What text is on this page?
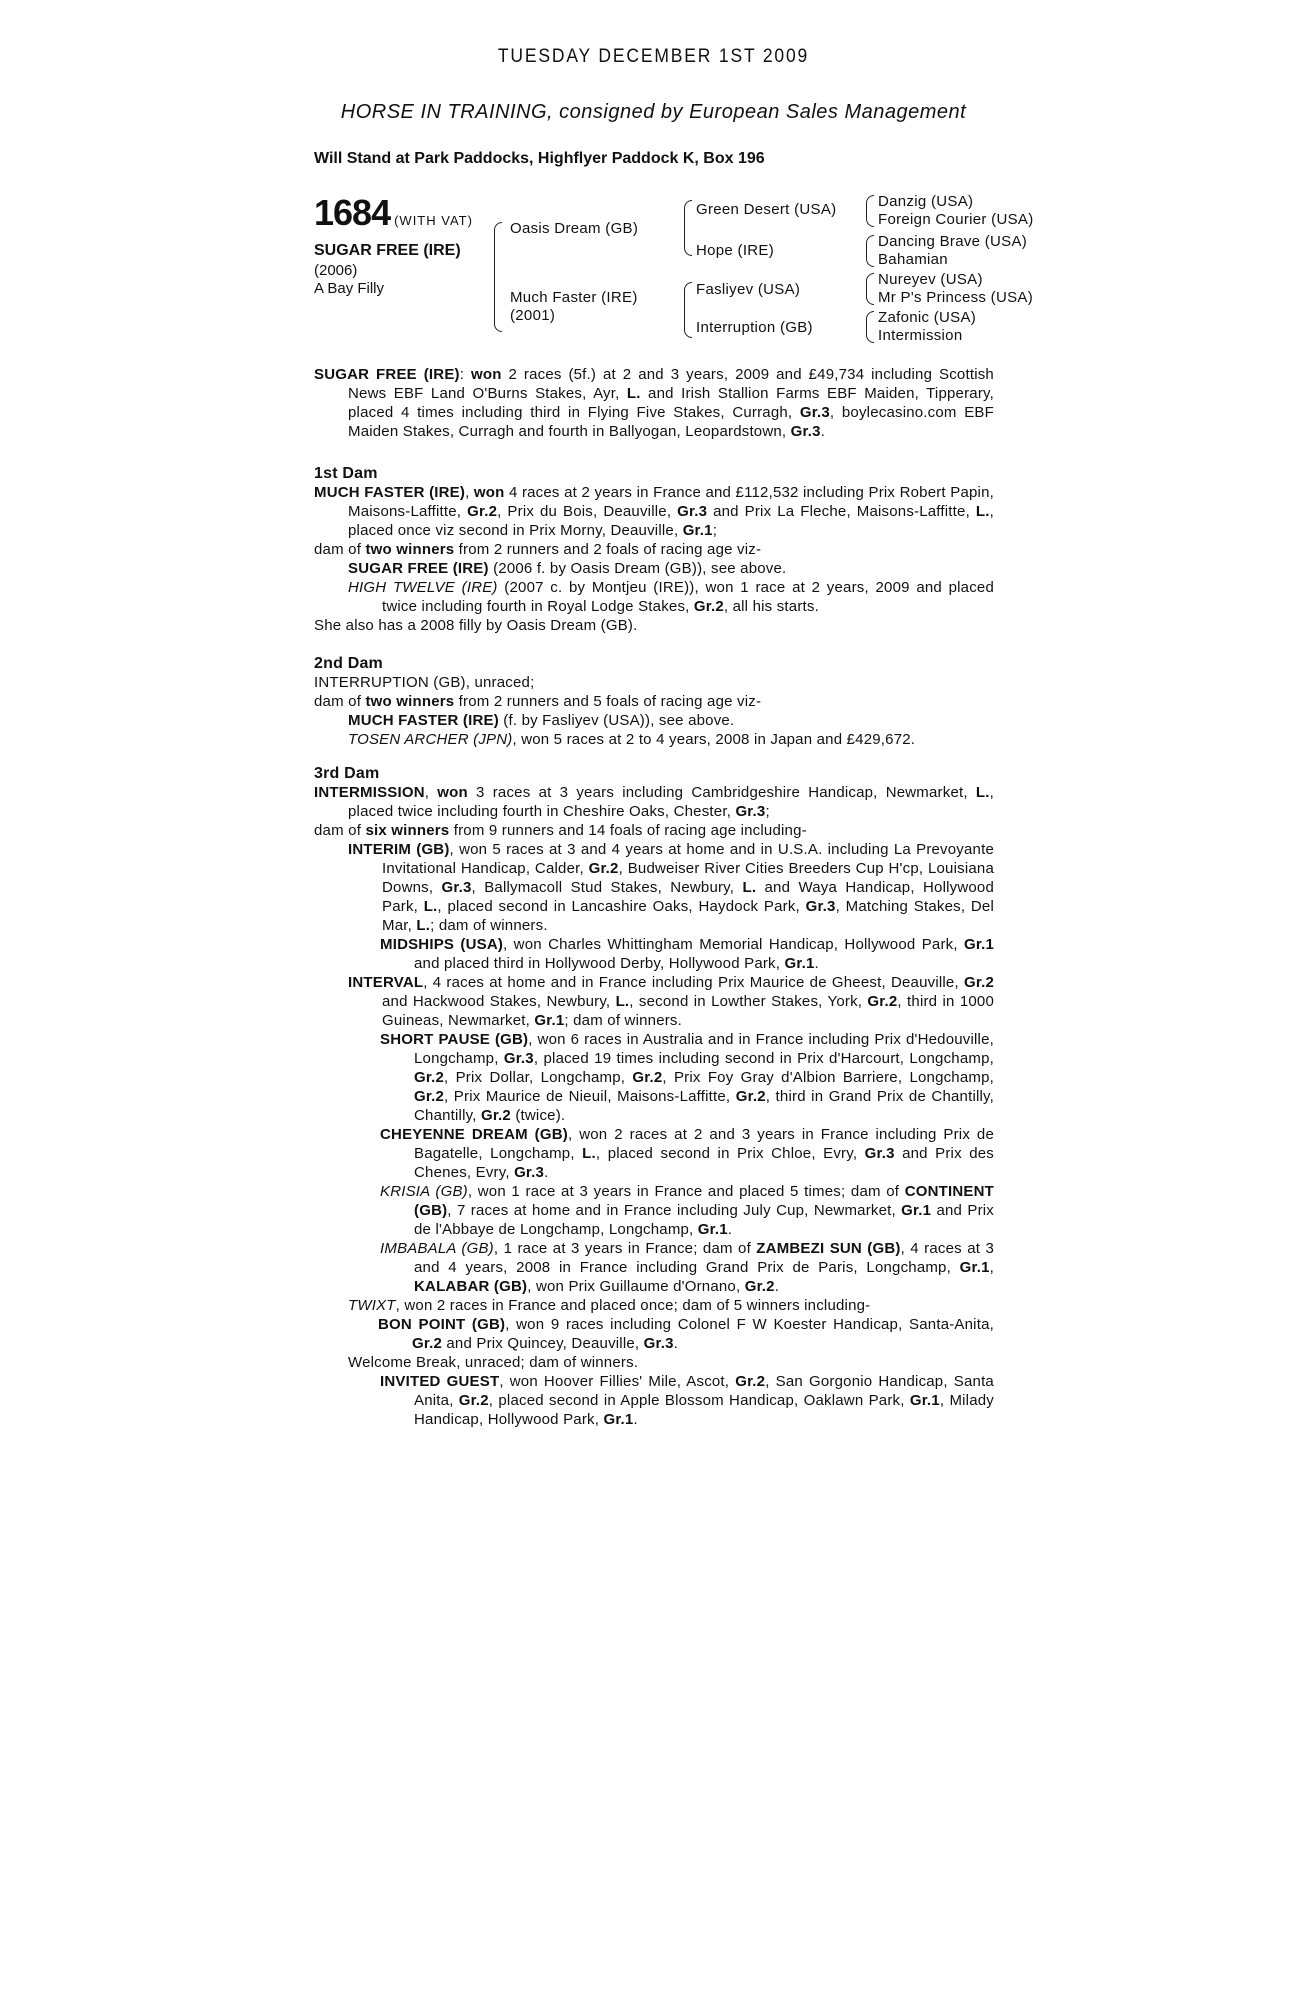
TUESDAY DECEMBER 1ST 2009
HORSE IN TRAINING, consigned by European Sales Management
Will Stand at Park Paddocks, Highflyer Paddock K, Box 196
1684 (WITH VAT)
SUGAR FREE (IRE)
(2006)
A Bay Filly
Oasis Dream (GB)
Much Faster (IRE)
(2001)
Green Desert (USA)
Hope (IRE)
Fasliyev (USA)
Interruption (GB)
Danzig (USA)
Foreign Courier (USA)
Dancing Brave (USA)
Bahamian
Nureyev (USA)
Mr P's Princess (USA)
Zafonic (USA)
Intermission

SUGAR FREE (IRE): won 2 races (5f.) at 2 and 3 years, 2009 and £49,734 including Scottish News EBF Land O'Burns Stakes, Ayr, L. and Irish Stallion Farms EBF Maiden, Tipperary, placed 4 times including third in Flying Five Stakes, Curragh, Gr.3, boylecasino.com EBF Maiden Stakes, Curragh and fourth in Ballyogan, Leopardstown, Gr.3.

1st Dam

MUCH FASTER (IRE), won 4 races at 2 years in France and £112,532 including Prix Robert Papin, Maisons-Laffitte, Gr.2, Prix du Bois, Deauville, Gr.3 and Prix La Fleche, Maisons-Laffitte, L., placed once viz second in Prix Morny, Deauville, Gr.1;

dam of two winners from 2 runners and 2 foals of racing age viz-

SUGAR FREE (IRE) (2006 f. by Oasis Dream (GB)), see above.

HIGH TWELVE (IRE) (2007 c. by Montjeu (IRE)), won 1 race at 2 years, 2009 and placed twice including fourth in Royal Lodge Stakes, Gr.2, all his starts.

She also has a 2008 filly by Oasis Dream (GB).

2nd Dam

INTERRUPTION (GB), unraced;

dam of two winners from 2 runners and 5 foals of racing age viz-

MUCH FASTER (IRE) (f. by Fasliyev (USA)), see above.

TOSEN ARCHER (JPN), won 5 races at 2 to 4 years, 2008 in Japan and £429,672.

3rd Dam

INTERMISSION, won 3 races at 3 years including Cambridgeshire Handicap, Newmarket, L., placed twice including fourth in Cheshire Oaks, Chester, Gr.3;

dam of six winners from 9 runners and 14 foals of racing age including-

INTERIM (GB), won 5 races at 3 and 4 years at home and in U.S.A. including La Prevoyante Invitational Handicap, Calder, Gr.2, Budweiser River Cities Breeders Cup H'cp, Louisiana Downs, Gr.3, Ballymacoll Stud Stakes, Newbury, L. and Waya Handicap, Hollywood Park, L., placed second in Lancashire Oaks, Haydock Park, Gr.3, Matching Stakes, Del Mar, L.; dam of winners.

MIDSHIPS (USA), won Charles Whittingham Memorial Handicap, Hollywood Park, Gr.1 and placed third in Hollywood Derby, Hollywood Park, Gr.1.

INTERVAL, 4 races at home and in France including Prix Maurice de Gheest, Deauville, Gr.2 and Hackwood Stakes, Newbury, L., second in Lowther Stakes, York, Gr.2, third in 1000 Guineas, Newmarket, Gr.1; dam of winners.

SHORT PAUSE (GB), won 6 races in Australia and in France including Prix d'Hedouville, Longchamp, Gr.3, placed 19 times including second in Prix d'Harcourt, Longchamp, Gr.2, Prix Dollar, Longchamp, Gr.2, Prix Foy Gray d'Albion Barriere, Longchamp, Gr.2, Prix Maurice de Nieuil, Maisons-Laffitte, Gr.2, third in Grand Prix de Chantilly, Chantilly, Gr.2 (twice).

CHEYENNE DREAM (GB), won 2 races at 2 and 3 years in France including Prix de Bagatelle, Longchamp, L., placed second in Prix Chloe, Evry, Gr.3 and Prix des Chenes, Evry, Gr.3.

KRISIA (GB), won 1 race at 3 years in France and placed 5 times; dam of CONTINENT (GB), 7 races at home and in France including July Cup, Newmarket, Gr.1 and Prix de l'Abbaye de Longchamp, Longchamp, Gr.1.

IMBABALA (GB), 1 race at 3 years in France; dam of ZAMBEZI SUN (GB), 4 races at 3 and 4 years, 2008 in France including Grand Prix de Paris, Longchamp, Gr.1, KALABAR (GB), won Prix Guillaume d'Ornano, Gr.2.

TWIXT, won 2 races in France and placed once; dam of 5 winners including-

BON POINT (GB), won 9 races including Colonel F W Koester Handicap, Santa-Anita, Gr.2 and Prix Quincey, Deauville, Gr.3.

Welcome Break, unraced; dam of winners.

INVITED GUEST, won Hoover Fillies' Mile, Ascot, Gr.2, San Gorgonio Handicap, Santa Anita, Gr.2, placed second in Apple Blossom Handicap, Oaklawn Park, Gr.1, Milady Handicap, Hollywood Park, Gr.1.
